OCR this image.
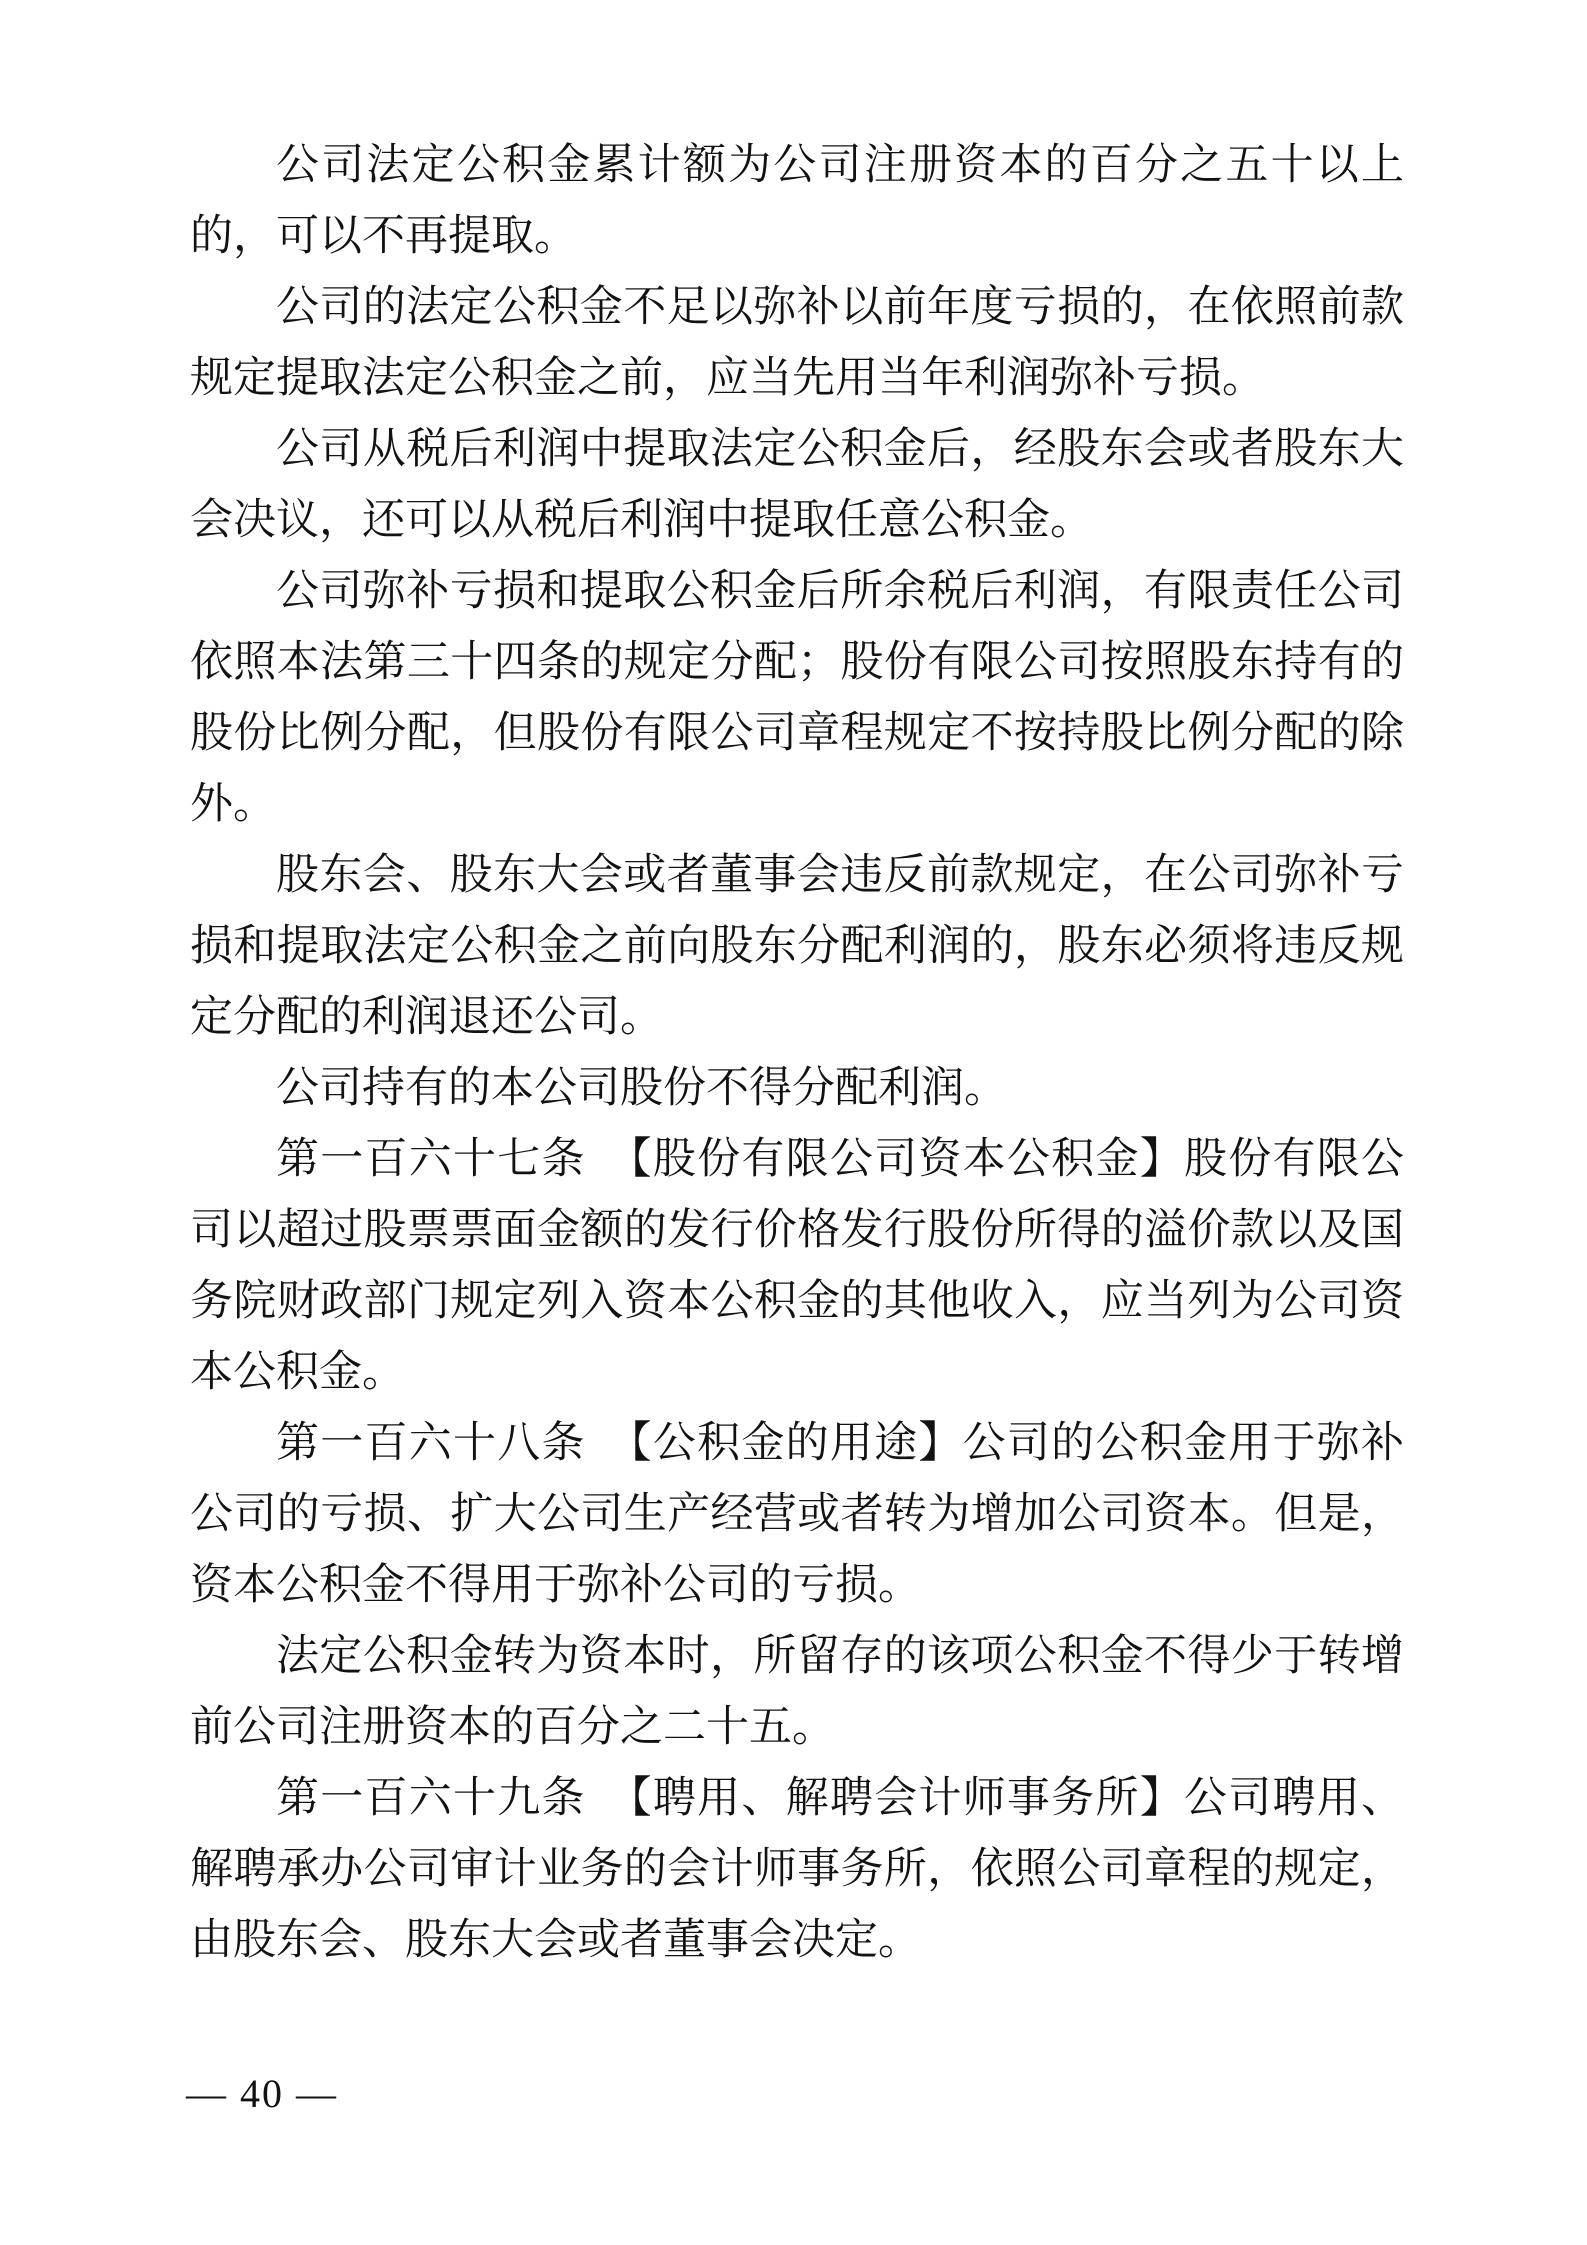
公司法定公积金累计额为公司注册资本的百分之五十以上
的，可以不再提取。
公司的法定公积金不足以弥补以前年度亏损的，在依照前款
规定提取法定公积金之前，应当先用当年利润弥补亏损。
公司从税后利润中提取法定公积金后，经股东会或者股东大
会决议，还可以从税后利润中提取任意公积金。
公司弥补亏损和提取公积金后所余税后利润，有限责任公司
依照本法第三十四条的规定分配；股份有限公司按照股东持有的
股份比例分配，但股份有限公司章程规定不按持股比例分配的除
外。
股东会、股东大会或者董事会违反前款规定，在公司弥补亏
损和提取法定公积金之前向股东分配利润的，股东必须将违反规
定分配的利润退还公司。
公司持有的本公司股份不得分配利润。
第一百六十七条　【股份有限公司资本公积金】股份有限公
司以超过股票票面金额的发行价格发行股份所得的溢价款以及国
务院财政部门规定列入资本公积金的其他收入，应当列为公司资
本公积金。
第一百六十八条　【公积金的用途】公司的公积金用于弥补
公司的亏损、扩大公司生产经营或者转为增加公司资本。但是，
资本公积金不得用于弥补公司的亏损。
法定公积金转为资本时，所留存的该项公积金不得少于转增
前公司注册资本的百分之二十五。
第一百六十九条　【聘用、解聘会计师事务所】公司聘用、
解聘承办公司审计业务的会计师事务所，依照公司章程的规定，
由股东会、股东大会或者董事会决定。
— 40 —
